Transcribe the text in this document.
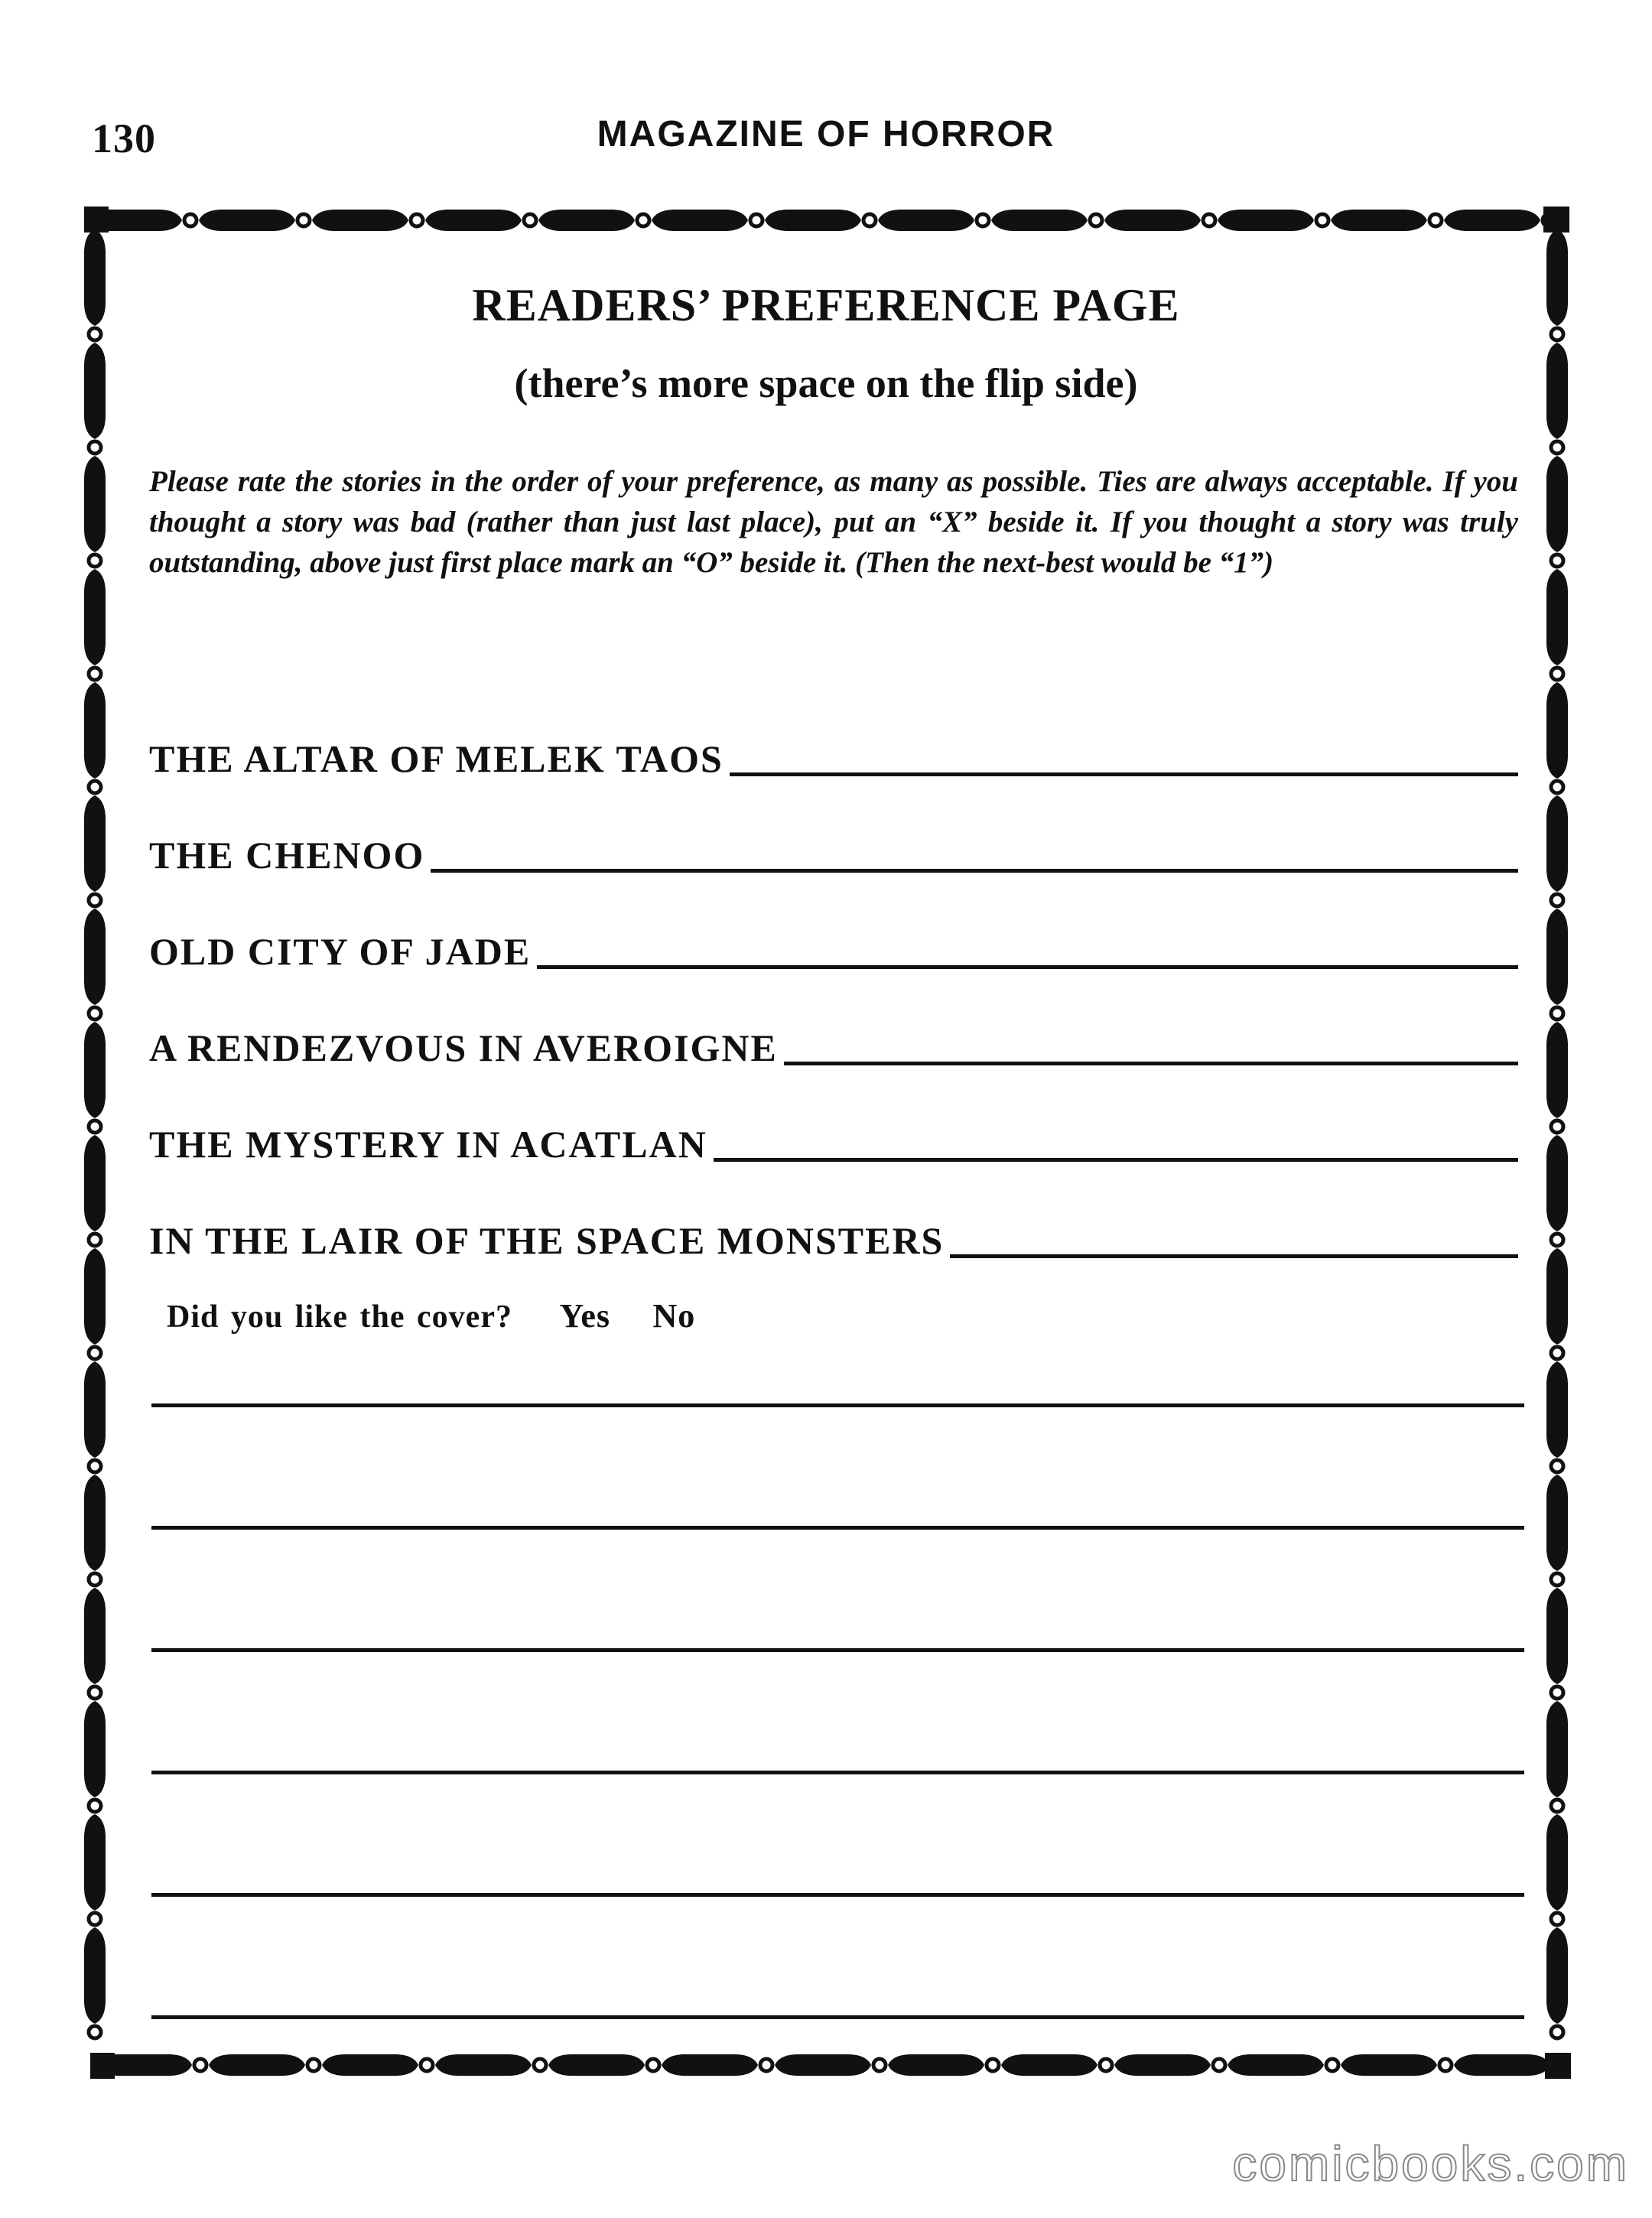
130	MAGAZINE OF HORROR
READERS’ PREFERENCE PAGE
(there’s more space on the flip side)
Please rate the stories in the order of your preference, as many as possible. Ties are always acceptable. If you thought a story was bad (rather than just last place), put an “X” beside it. If you thought a story was truly outstanding, above just first place mark an “O” beside it. (Then the next-best would be “1”)
THE ALTAR OF MELEK TAOS
THE CHENOO
OLD CITY OF JADE
A RENDEZVOUS IN AVEROIGNE
THE MYSTERY IN ACATLAN
IN THE LAIR OF THE SPACE MONSTERS
Did you like the cover? Yes No
comicbooks.com
